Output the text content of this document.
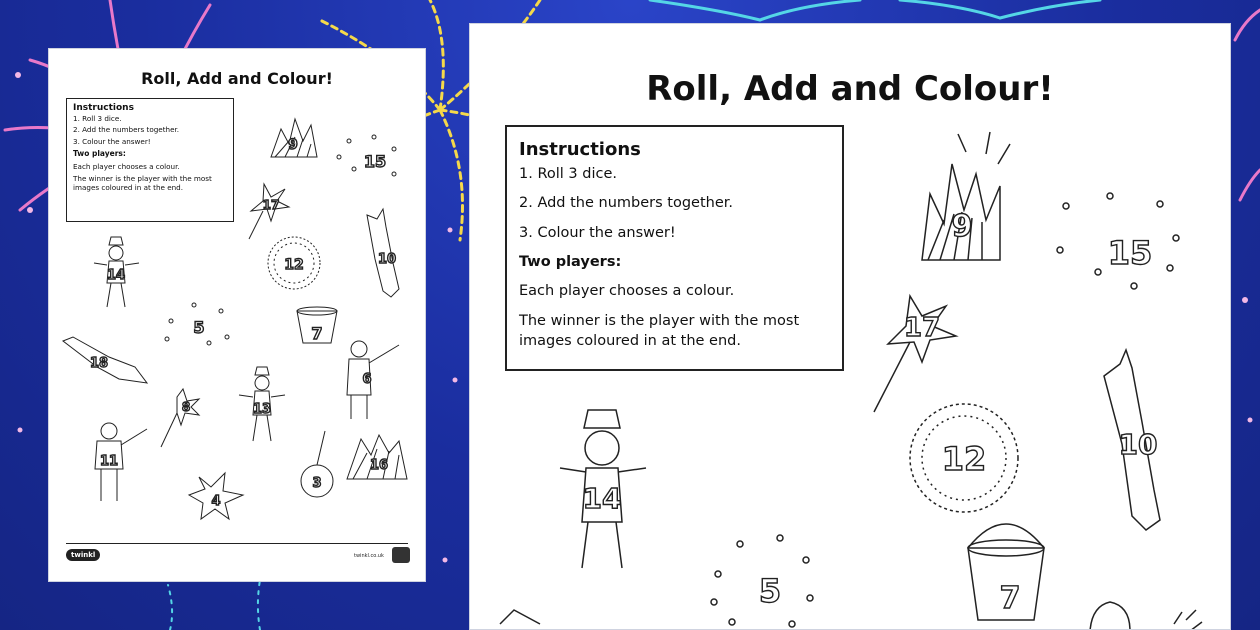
Roll, Add and Colour!
Instructions
1. Roll 3 dice.

2. Add the numbers together.

3. Colour the answer!

Two players:

Each player chooses a colour.

The winner is the player with the most images coloured in at the end.

9
15
17
12	10
14
5	7
18
6
8	13
11
4
3
16
twinkl	twinkl.co.uk
Roll, Add and Colour!
Instructions

1. Roll 3 dice.

2. Add the numbers together.

3. Colour the answer!

Two players:

Each player chooses a colour.

The winner is the player with the most images coloured in at the end.

9
15
17
10
12
14
5	7
